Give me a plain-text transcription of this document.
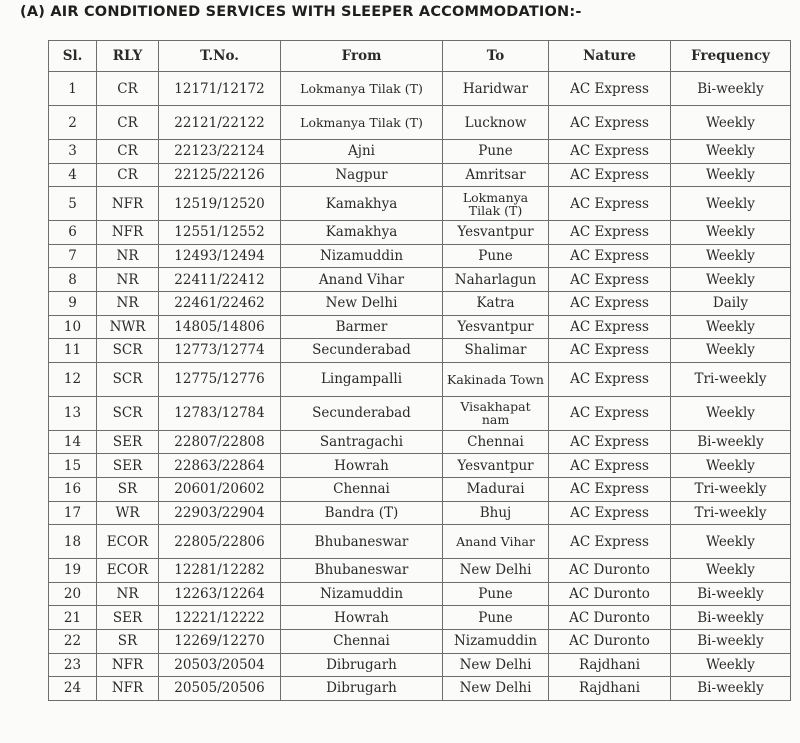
(A) AIR CONDITIONED SERVICES WITH SLEEPER ACCOMMODATION:-
Sl.	RLY	T.No.	From	To	Nature	Frequency
1	CR	12171/12172	Lokmanya Tilak (T)	Haridwar	AC Express	Bi-weekly
2	CR	22121/22122	Lokmanya Tilak (T)	Lucknow	AC Express	Weekly
3	CR	22123/22124	Ajni	Pune	AC Express	Weekly
4	CR	22125/22126	Nagpur	Amritsar	AC Express	Weekly
5	NFR	12519/12520	Kamakhya	Lokmanya Tilak (T)	AC Express	Weekly
6	NFR	12551/12552	Kamakhya	Yesvantpur	AC Express	Weekly
7	NR	12493/12494	Nizamuddin	Pune	AC Express	Weekly
8	NR	22411/22412	Anand Vihar	Naharlagun	AC Express	Weekly
9	NR	22461/22462	New Delhi	Katra	AC Express	Daily
10	NWR	14805/14806	Barmer	Yesvantpur	AC Express	Weekly
11	SCR	12773/12774	Secunderabad	Shalimar	AC Express	Weekly
12	SCR	12775/12776	Lingampalli	Kakinada Town	AC Express	Tri-weekly
13	SCR	12783/12784	Secunderabad	Visakhapat nam	AC Express	Weekly
14	SER	22807/22808	Santragachi	Chennai	AC Express	Bi-weekly
15	SER	22863/22864	Howrah	Yesvantpur	AC Express	Weekly
16	SR	20601/20602	Chennai	Madurai	AC Express	Tri-weekly
17	WR	22903/22904	Bandra (T)	Bhuj	AC Express	Tri-weekly
18	ECOR	22805/22806	Bhubaneswar	Anand Vihar	AC Express	Weekly
19	ECOR	12281/12282	Bhubaneswar	New Delhi	AC Duronto	Weekly
20	NR	12263/12264	Nizamuddin	Pune	AC Duronto	Bi-weekly
21	SER	12221/12222	Howrah	Pune	AC Duronto	Bi-weekly
22	SR	12269/12270	Chennai	Nizamuddin	AC Duronto	Bi-weekly
23	NFR	20503/20504	Dibrugarh	New Delhi	Rajdhani	Weekly
24	NFR	20505/20506	Dibrugarh	New Delhi	Rajdhani	Bi-weekly
